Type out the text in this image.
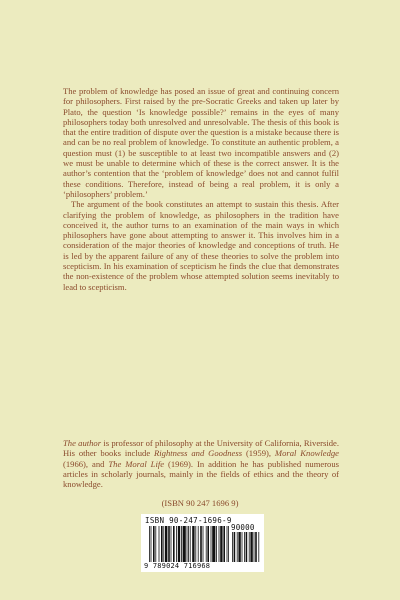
The problem of knowledge has posed an issue of great and continuing concern for philosophers. First raised by the pre-Socratic Greeks and taken up later by Plato, the question ‘Is knowledge possible?’ remains in the eyes of many philosophers today both unresolved and unresolvable. The thesis of this book is that the entire tradition of dispute over the question is a mistake because there is and can be no real problem of knowledge. To constitute an authentic problem, a question must (1) be susceptible to at least two incompatible answers and (2) we must be unable to determine which of these is the correct answer. It is the author’s contention that the ‘problem of knowledge’ does not and cannot fulfil these conditions. Therefore, instead of being a real problem, it is only a ‘philosophers’ problem.’

The argument of the book constitutes an attempt to sustain this thesis. After clarifying the problem of knowledge, as philosophers in the tradition have conceived it, the author turns to an examination of the main ways in which philosophers have gone about attempting to answer it. This involves him in a consideration of the major theories of knowledge and conceptions of truth. He is led by the apparent failure of any of these theories to solve the problem into scepticism. In his examination of scepticism he finds the clue that demonstrates the non-existence of the problem whose attempted solution seems inevitably to lead to scepticism.

The author is professor of philosophy at the University of California, Riverside. His other books include Rightness and Goodness (1959), Moral Knowledge (1966), and The Moral Life (1969). In addition he has published numerous articles in scholarly journals, mainly in the fields of ethics and the theory of knowledge.

(ISBN 90 247 1696 9)

ISBN 90-247-1696-9
90000
9 789024 716968
